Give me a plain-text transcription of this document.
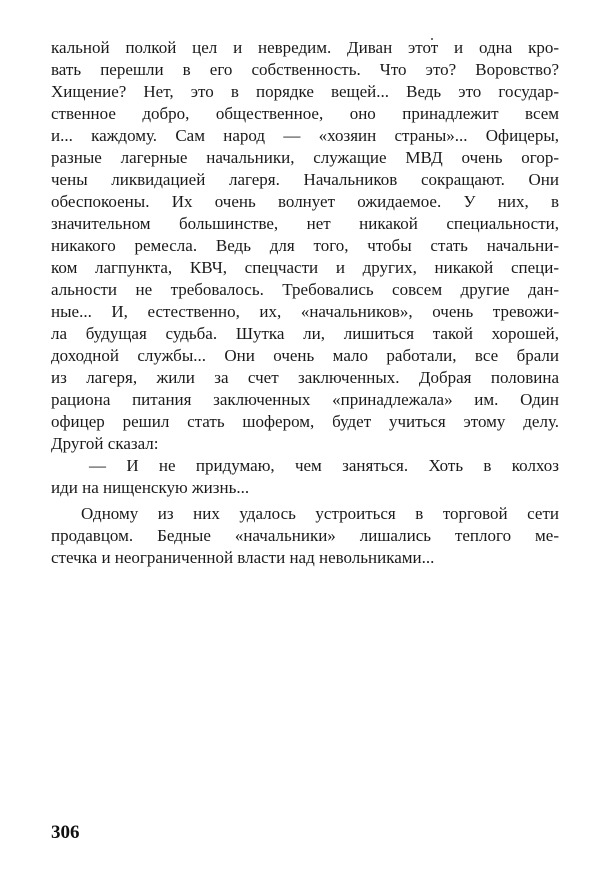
кальной полкой цел и невредим. Диван этот и одна кро-
вать перешли в его собственность. Что это? Воровство?
Хищение? Нет, это в порядке вещей... Ведь это государ-
ственное добро, общественное, оно принадлежит всем
и... каждому. Сам народ — «хозяин страны»... Офицеры,
разные лагерные начальники, служащие МВД очень огор-
чены ликвидацией лагеря. Начальников сокращают. Они
обеспокоены. Их очень волнует ожидаемое. У них, в
значительном большинстве, нет никакой специальности,
никакого ремесла. Ведь для того, чтобы стать начальни-
ком лагпункта, КВЧ, спецчасти и других, никакой специ-
альности не требовалось. Требовались совсем другие дан-
ные... И, естественно, их, «начальников», очень тревожи-
ла будущая судьба. Шутка ли, лишиться такой хорошей,
доходной службы... Они очень мало работали, все брали
из лагеря, жили за счет заключенных. Добрая половина
рациона питания заключенных «принадлежала» им. Один
офицер решил стать шофером, будет учиться этому делу.
Другой сказал:
— И не придумаю, чем заняться. Хоть в колхоз
иди на нищенскую жизнь...
Одному из них удалось устроиться в торговой сети
продавцом. Бедные «начальники» лишались теплого ме-
стечка и неограниченной власти над невольниками...
306
